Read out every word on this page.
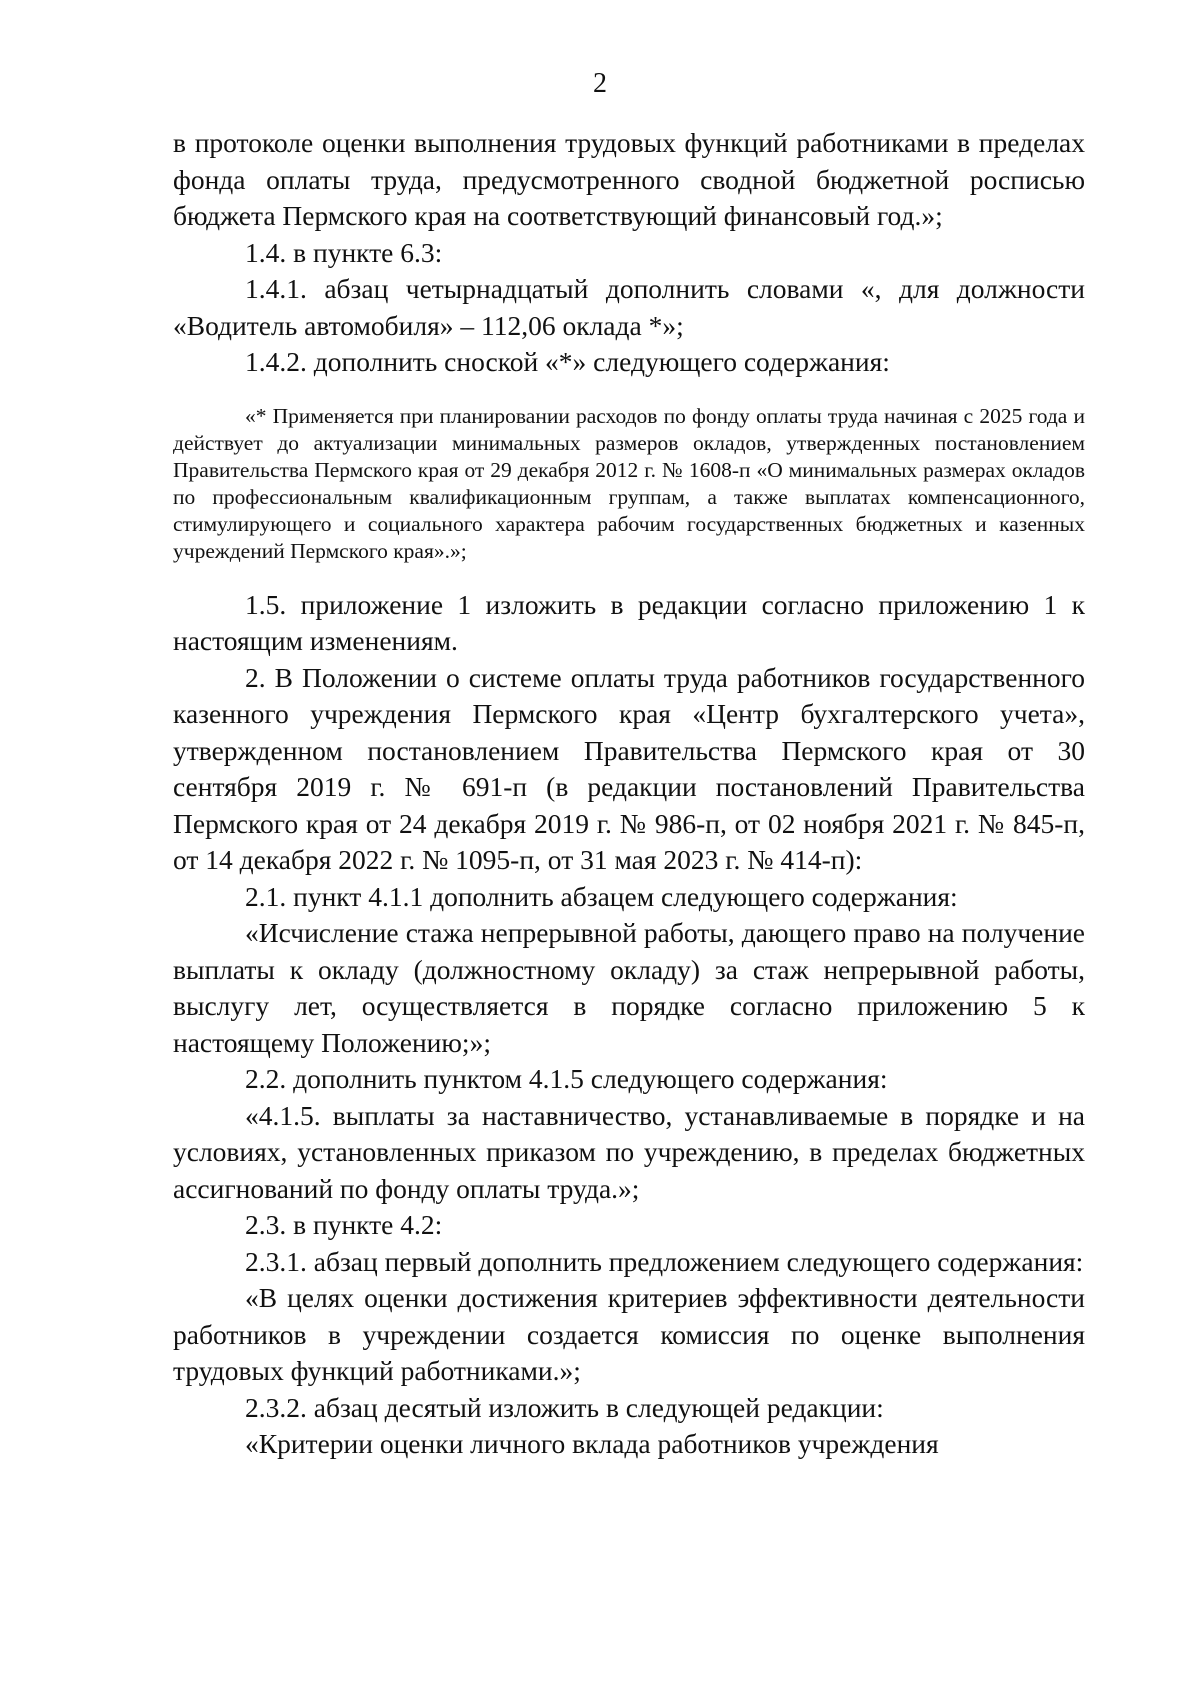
2

в протоколе оценки выполнения трудовых функций работниками в пределах фонда оплаты труда, предусмотренного сводной бюджетной росписью бюджета Пермского края на соответствующий финансовый год.»;

1.4. в пункте 6.3:

1.4.1. абзац четырнадцатый дополнить словами «, для должности «Водитель автомобиля» – 112,06 оклада *»;

1.4.2. дополнить сноской «*» следующего содержания:

«* Применяется при планировании расходов по фонду оплаты труда начиная с 2025 года и действует до актуализации минимальных размеров окладов, утвержденных постановлением Правительства Пермского края от 29 декабря 2012 г. № 1608-п «О минимальных размерах окладов по профессиональным квалификационным группам, а также выплатах компенсационного, стимулирующего и социального характера рабочим государственных бюджетных и казенных учреждений Пермского края».»;

1.5. приложение 1 изложить в редакции согласно приложению 1 к настоящим изменениям.

2. В Положении о системе оплаты труда работников государственного казенного учреждения Пермского края «Центр бухгалтерского учета», утвержденном постановлением Правительства Пермского края от 30 сентября 2019 г. № 691-п (в редакции постановлений Правительства Пермского края от 24 декабря 2019 г. № 986-п, от 02 ноября 2021 г. № 845-п, от 14 декабря 2022 г. № 1095-п, от 31 мая 2023 г. № 414-п):

2.1. пункт 4.1.1 дополнить абзацем следующего содержания:

«Исчисление стажа непрерывной работы, дающего право на получение выплаты к окладу (должностному окладу) за стаж непрерывной работы, выслугу лет, осуществляется в порядке согласно приложению 5 к настоящему Положению;»;

2.2. дополнить пунктом 4.1.5 следующего содержания:

«4.1.5. выплаты за наставничество, устанавливаемые в порядке и на условиях, установленных приказом по учреждению, в пределах бюджетных ассигнований по фонду оплаты труда.»;

2.3. в пункте 4.2:

2.3.1. абзац первый дополнить предложением следующего содержания:

«В целях оценки достижения критериев эффективности деятельности работников в учреждении создается комиссия по оценке выполнения трудовых функций работниками.»;

2.3.2. абзац десятый изложить в следующей редакции:

«Критерии оценки личного вклада работников учреждения
